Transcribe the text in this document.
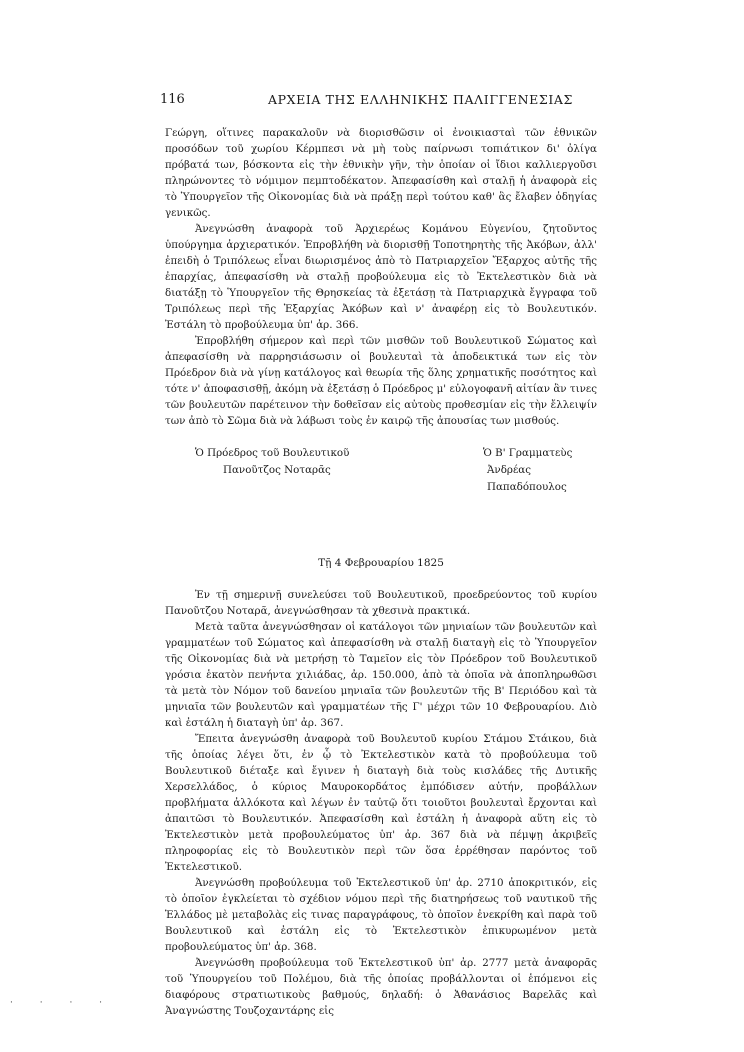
116	ΑΡΧΕΙΑ ΤΗΣ ΕΛΛΗΝΙΚΗΣ ΠΑΛΙΓΓΕΝΕΣΙΑΣ

Γεώργη, οἵτινες παρακαλοῦν νὰ διορισθῶσιν οἱ ἐνοικιασταὶ τῶν ἐθνικῶν προσόδων τοῦ χωρίου Κέρμπεσι νὰ μὴ τοὺς παίρνωσι τοπιάτικον δι' ὀλίγα πρόβατά των, βόσκοντα εἰς τὴν ἐθνικὴν γῆν, τὴν ὁποίαν οἱ ἴδιοι καλλιεργοῦσι πληρώνοντες τὸ νόμιμον πεμπτοδέκατον. Ἀπεφασίσθη καὶ σταλῇ ἡ ἀναφορὰ εἰς τὸ Ὑπουργεῖον τῆς Οἰκονομίας διὰ νὰ πράξῃ περὶ τούτου καθ' ἃς ἔλαβεν ὁδηγίας γενικῶς.

Ἀνεγνώσθη ἀναφορὰ τοῦ Ἀρχιερέως Κομάνου Εὐγενίου, ζητοῦντος ὑπούργημα ἀρχιερατικόν. Ἐπροβλήθη νὰ διορισθῇ Τοποτηρητὴς τῆς Ἀκόβων, ἀλλ' ἐπειδὴ ὁ Τριπόλεως εἶναι διωρισμένος ἀπὸ τὸ Πατριαρχεῖον Ἔξαρχος αὐτῆς τῆς ἐπαρχίας, ἀπεφασίσθη νὰ σταλῇ προβούλευμα εἰς τὸ Ἐκτελεστικὸν διὰ νὰ διατάξῃ τὸ Ὑπουργεῖον τῆς Θρησκείας τὰ ἐξετάσῃ τὰ Πατριαρχικὰ ἔγγραφα τοῦ Τριπόλεως περὶ τῆς Ἐξαρχίας Ἀκόβων καὶ ν' ἀναφέρῃ εἰς τὸ Βουλευτικόν. Ἐστάλη τὸ προβούλευμα ὑπ' ἀρ. 366.

Ἐπροβλήθη σήμερον καὶ περὶ τῶν μισθῶν τοῦ Βουλευτικοῦ Σώματος καὶ ἀπεφασίσθη νὰ παρρησιάσωσιν οἱ βουλευταὶ τὰ ἀποδεικτικά των εἰς τὸν Πρόεδρον διὰ νὰ γίνῃ κατάλογος καὶ θεωρία τῆς ὅλης χρηματικῆς ποσότητος καὶ τότε ν' ἀποφασισθῇ, ἀκόμη νὰ ἐξετάσῃ ὁ Πρόεδρος μ' εὐλογοφανῆ αἰτίαν ἂν τινες τῶν βουλευτῶν παρέτεινον τὴν δοθεῖσαν εἰς αὐτοὺς προθεσμίαν εἰς τὴν ἔλλειψίν των ἀπὸ τὸ Σῶμα διὰ νὰ λάβωσι τοὺς ἐν καιρῷ τῆς ἀπουσίας των μισθούς.

Ὁ Πρόεδρος τοῦ Βουλευτικοῦ
Πανοῦτζος Νοταρᾶς
Ὁ Β' Γραμματεὺς
Ἀνδρέας Παπαδόπουλος
Τῇ 4 Φεβρουαρίου 1825

Ἐν τῇ σημερινῇ συνελεύσει τοῦ Βουλευτικοῦ, προεδρεύοντος τοῦ κυρίου Πανοῦτζου Νοταρᾶ, ἀνεγνώσθησαν τὰ χθεσινὰ πρακτικά.

Μετὰ ταῦτα ἀνεγνώσθησαν οἱ κατάλογοι τῶν μηνιαίων τῶν βουλευτῶν καὶ γραμματέων τοῦ Σώματος καὶ ἀπεφασίσθη νὰ σταλῇ διαταγὴ εἰς τὸ Ὑπουργεῖον τῆς Οἰκονομίας διὰ νὰ μετρήσῃ τὸ Ταμεῖον εἰς τὸν Πρόεδρον τοῦ Βουλευτικοῦ γρόσια ἑκατὸν πενήντα χιλιάδας, ἀρ. 150.000, ἀπὸ τὰ ὁποῖα νὰ ἀποπληρωθῶσι τὰ μετὰ τὸν Νόμον τοῦ δανείου μηνιαῖα τῶν βουλευτῶν τῆς Β' Περιόδου καὶ τὰ μηνιαῖα τῶν βουλευτῶν καὶ γραμματέων τῆς Γ' μέχρι τῶν 10 Φεβρουαρίου. Διὸ καὶ ἐστάλη ἡ διαταγὴ ὑπ' ἀρ. 367.

Ἔπειτα ἀνεγνώσθη ἀναφορὰ τοῦ Βουλευτοῦ κυρίου Στάμου Στάικου, διὰ τῆς ὁποίας λέγει ὅτι, ἐν ᾧ τὸ Ἐκτελεστικὸν κατὰ τὸ προβούλευμα τοῦ Βουλευτικοῦ διέταξε καὶ ἔγινεν ἡ διαταγὴ διὰ τοὺς κισλάδες τῆς Δυτικῆς Χερσελλάδος, ὁ κύριος Μαυροκορδάτος ἐμπόδισεν αὐτήν, προβάλλων προβλήματα ἀλλόκοτα καὶ λέγων ἐν ταὐτῷ ὅτι τοιοῦτοι βουλευταὶ ἔρχονται καὶ ἀπαιτῶσι τὸ Βουλευτικόν. Ἀπεφασίσθη καὶ ἐστάλη ἡ ἀναφορὰ αὕτη εἰς τὸ Ἐκτελεστικὸν μετὰ προβουλεύματος ὑπ' ἀρ. 367 διὰ νὰ πέμψῃ ἀκριβεῖς πληροφορίας εἰς τὸ Βουλευτικὸν περὶ τῶν ὅσα ἐρρέθησαν παρόντος τοῦ Ἐκτελεστικοῦ.

Ἀνεγνώσθη προβούλευμα τοῦ Ἐκτελεστικοῦ ὑπ' ἀρ. 2710 ἀποκριτικόν, εἰς τὸ ὁποῖον ἐγκλείεται τὸ σχέδιον νόμου περὶ τῆς διατηρήσεως τοῦ ναυτικοῦ τῆς Ἑλλάδος μὲ μεταβολὰς εἰς τινας παραγράφους, τὸ ὁποῖον ἐνεκρίθη καὶ παρὰ τοῦ Βουλευτικοῦ καὶ ἐστάλη εἰς τὸ Ἐκτελεστικὸν ἐπικυρωμένον μετὰ προβουλεύματος ὑπ' ἀρ. 368.

Ἀνεγνώσθη προβούλευμα τοῦ Ἐκτελεστικοῦ ὑπ' ἀρ. 2777 μετὰ ἀναφορᾶς τοῦ Ὑπουργείου τοῦ Πολέμου, διὰ τῆς ὁποίας προβάλλονται οἱ ἑπόμενοι εἰς διαφόρους στρατιωτικοὺς βαθμούς, δηλαδή: ὁ Ἀθανάσιος Βαρελᾶς καὶ Ἀναγνώστης Τουζοχαντάρης εἰς

· · · ·
